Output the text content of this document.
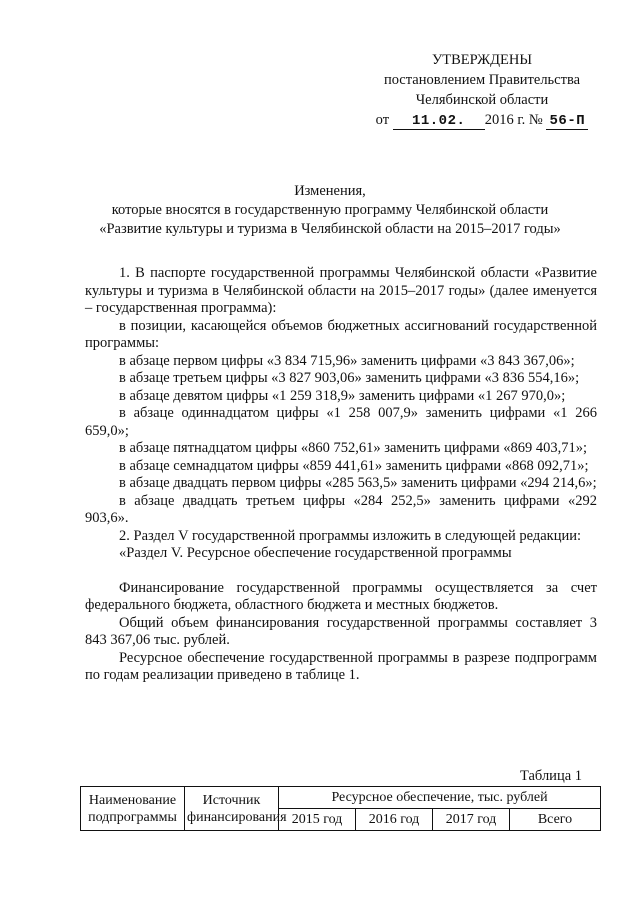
УТВЕРЖДЕНЫ
постановлением Правительства
Челябинской области
от 11.02. 2016 г. № 56-П
Изменения,
которые вносятся в государственную программу Челябинской области
«Развитие культуры и туризма в Челябинской области на 2015–2017 годы»

1. В паспорте государственной программы Челябинской области «Развитие культуры и туризма в Челябинской области на 2015–2017 годы» (далее именуется – государственная программа):

в позиции, касающейся объемов бюджетных ассигнований государственной программы:

в абзаце первом цифры «3 834 715,96» заменить цифрами «3 843 367,06»;

в абзаце третьем цифры «3 827 903,06» заменить цифрами «3 836 554,16»;

в абзаце девятом цифры «1 259 318,9» заменить цифрами «1 267 970,0»;

в абзаце одиннадцатом цифры «1 258 007,9» заменить цифрами «1 266 659,0»;

в абзаце пятнадцатом цифры «860 752,61» заменить цифрами «869 403,71»;

в абзаце семнадцатом цифры «859 441,61» заменить цифрами «868 092,71»;

в абзаце двадцать первом цифры «285 563,5» заменить цифрами «294 214,6»;

в абзаце двадцать третьем цифры «284 252,5» заменить цифрами «292 903,6».

2. Раздел V государственной программы изложить в следующей редакции:

«Раздел V. Ресурсное обеспечение государственной программы

Финансирование государственной программы осуществляется за счет федерального бюджета, областного бюджета и местных бюджетов.

Общий объем финансирования государственной программы составляет 3 843 367,06 тыс. рублей.

Ресурсное обеспечение государственной программы в разрезе подпрограмм по годам реализации приведено в таблице 1.

Таблица 1
Наименование подпрограммы	Источник финансирования	Ресурсное обеспечение, тыс. рублей			
		2015 год	2016 год	2017 год	Всего
